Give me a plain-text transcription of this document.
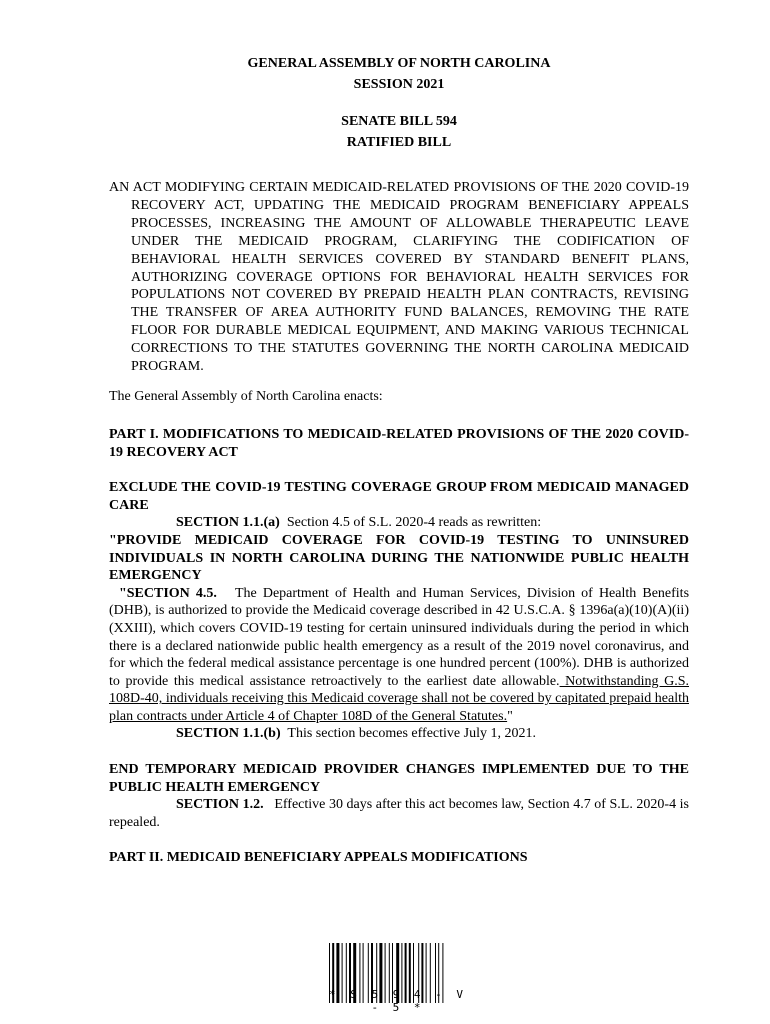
GENERAL ASSEMBLY OF NORTH CAROLINA
SESSION 2021
SENATE BILL 594
RATIFIED BILL

AN ACT MODIFYING CERTAIN MEDICAID-RELATED PROVISIONS OF THE 2020 COVID-19 RECOVERY ACT, UPDATING THE MEDICAID PROGRAM BENEFICIARY APPEALS PROCESSES, INCREASING THE AMOUNT OF ALLOWABLE THERAPEUTIC LEAVE UNDER THE MEDICAID PROGRAM, CLARIFYING THE CODIFICATION OF BEHAVIORAL HEALTH SERVICES COVERED BY STANDARD BENEFIT PLANS, AUTHORIZING COVERAGE OPTIONS FOR BEHAVIORAL HEALTH SERVICES FOR POPULATIONS NOT COVERED BY PREPAID HEALTH PLAN CONTRACTS, REVISING THE TRANSFER OF AREA AUTHORITY FUND BALANCES, REMOVING THE RATE FLOOR FOR DURABLE MEDICAL EQUIPMENT, AND MAKING VARIOUS TECHNICAL CORRECTIONS TO THE STATUTES GOVERNING THE NORTH CAROLINA MEDICAID PROGRAM.

The General Assembly of North Carolina enacts:

PART I. MODIFICATIONS TO MEDICAID-RELATED PROVISIONS OF THE 2020 COVID-19 RECOVERY ACT
EXCLUDE THE COVID-19 TESTING COVERAGE GROUP FROM MEDICAID MANAGED CARE

SECTION 1.1.(a) Section 4.5 of S.L. 2020-4 reads as rewritten:

"PROVIDE MEDICAID COVERAGE FOR COVID-19 TESTING TO UNINSURED INDIVIDUALS IN NORTH CAROLINA DURING THE NATIONWIDE PUBLIC HEALTH EMERGENCY

"SECTION 4.5. The Department of Health and Human Services, Division of Health Benefits (DHB), is authorized to provide the Medicaid coverage described in 42 U.S.C.A. § 1396a(a)(10)(A)(ii)(XXIII), which covers COVID-19 testing for certain uninsured individuals during the period in which there is a declared nationwide public health emergency as a result of the 2019 novel coronavirus, and for which the federal medical assistance percentage is one hundred percent (100%). DHB is authorized to provide this medical assistance retroactively to the earliest date allowable. Notwithstanding G.S. 108D-40, individuals receiving this Medicaid coverage shall not be covered by capitated prepaid health plan contracts under Article 4 of Chapter 108D of the General Statutes."

SECTION 1.1.(b) This section becomes effective July 1, 2021.

END TEMPORARY MEDICAID PROVIDER CHANGES IMPLEMENTED DUE TO THE PUBLIC HEALTH EMERGENCY

SECTION 1.2. Effective 30 days after this act becomes law, Section 4.7 of S.L. 2020-4 is repealed.

PART II. MEDICAID BENEFICIARY APPEALS MODIFICATIONS
* S 5 9 4 - V - 5 *
